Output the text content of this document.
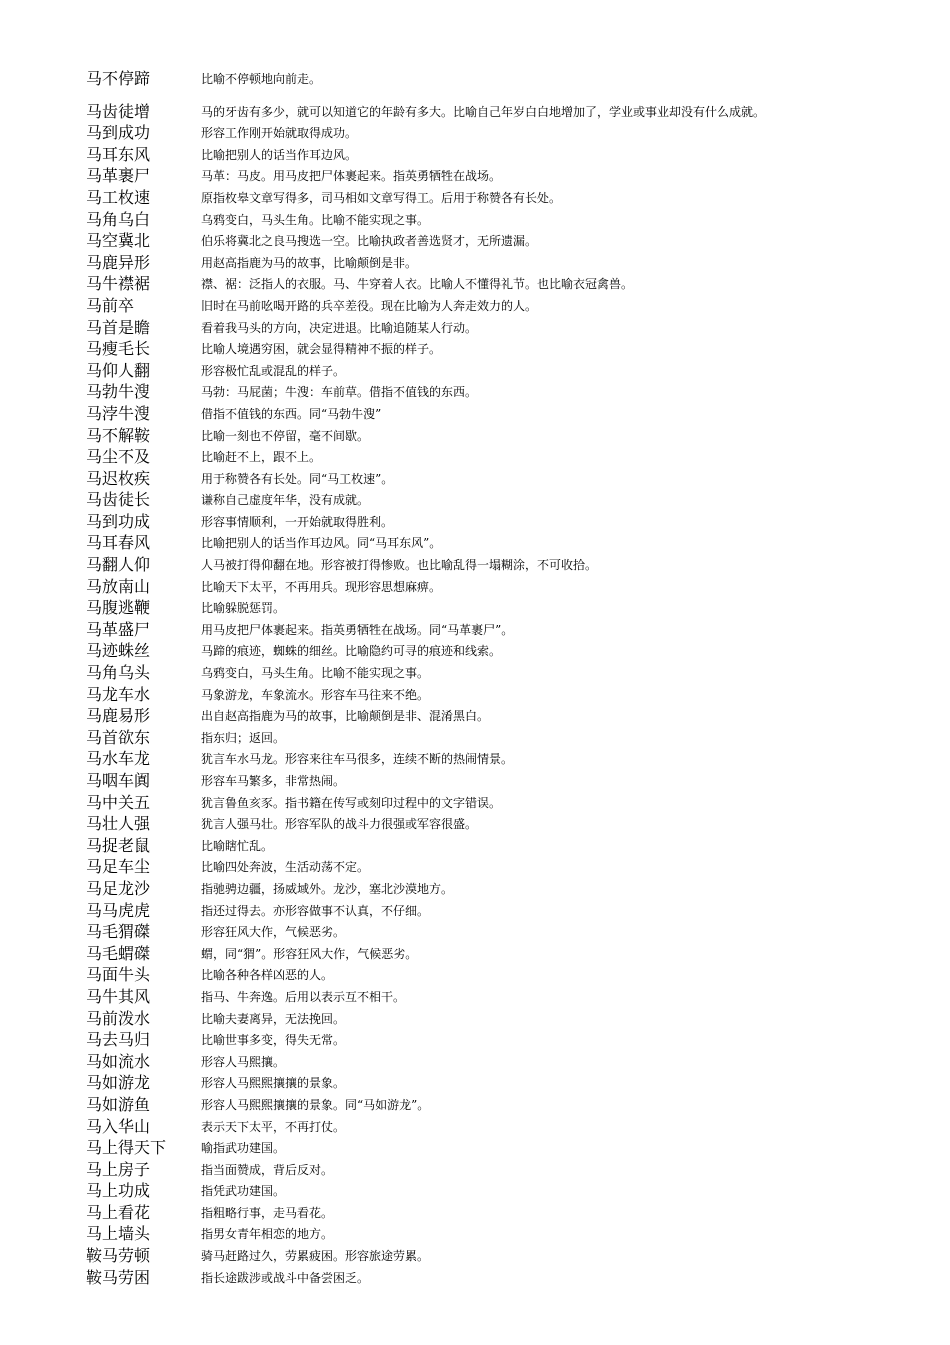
马不停蹄	比喻不停顿地向前走。
马齿徒增	马的牙齿有多少，就可以知道它的年龄有多大。比喻自己年岁白白地增加了，学业或事业却没有什么成就。
马到成功	形容工作刚开始就取得成功。
马耳东风	比喻把别人的话当作耳边风。
马革裹尸	马革：马皮。用马皮把尸体裹起来。指英勇牺牲在战场。
马工枚速	原指枚皋文章写得多，司马相如文章写得工。后用于称赞各有长处。
马角乌白	乌鸦变白，马头生角。比喻不能实现之事。
马空冀北	伯乐将冀北之良马搜选一空。比喻执政者善选贤才，无所遗漏。
马鹿异形	用赵高指鹿为马的故事，比喻颠倒是非。
马牛襟裾	襟、裾：泛指人的衣服。马、牛穿着人衣。比喻人不懂得礼节。也比喻衣冠禽兽。
马前卒	旧时在马前吆喝开路的兵卒差役。现在比喻为人奔走效力的人。
马首是瞻	看着我马头的方向，决定进退。比喻追随某人行动。
马瘦毛长	比喻人境遇穷困，就会显得精神不振的样子。
马仰人翻	形容极忙乱或混乱的样子。
马勃牛溲	马勃：马屁菌；牛溲：车前草。借指不值钱的东西。
马浡牛溲	借指不值钱的东西。同“马勃牛溲”
马不解鞍	比喻一刻也不停留，毫不间歇。
马尘不及	比喻赶不上，跟不上。
马迟枚疾	用于称赞各有长处。同“马工枚速”。
马齿徒长	谦称自己虚度年华，没有成就。
马到功成	形容事情顺利，一开始就取得胜利。
马耳春风	比喻把别人的话当作耳边风。同“马耳东风”。
马翻人仰	人马被打得仰翻在地。形容被打得惨败。也比喻乱得一塌糊涂，不可收拾。
马放南山	比喻天下太平，不再用兵。现形容思想麻痹。
马腹逃鞭	比喻躲脱惩罚。
马革盛尸	用马皮把尸体裹起来。指英勇牺牲在战场。同“马革裹尸”。
马迹蛛丝	马蹄的痕迹，蜘蛛的细丝。比喻隐约可寻的痕迹和线索。
马角乌头	乌鸦变白，马头生角。比喻不能实现之事。
马龙车水	马象游龙，车象流水。形容车马往来不绝。
马鹿易形	出自赵高指鹿为马的故事，比喻颠倒是非、混淆黑白。
马首欲东	指东归；返回。
马水车龙	犹言车水马龙。形容来往车马很多，连续不断的热闹情景。
马咽车阗	形容车马繁多，非常热闹。
马中关五	犹言鲁鱼亥豕。指书籍在传写或刻印过程中的文字错误。
马壮人强	犹言人强马壮。形容军队的战斗力很强或军容很盛。
马捉老鼠	比喻瞎忙乱。
马足车尘	比喻四处奔波，生活动荡不定。
马足龙沙	指驰骋边疆，扬威域外。龙沙，塞北沙漠地方。
马马虎虎	指还过得去。亦形容做事不认真，不仔细。
马毛猬磔	形容狂风大作，气候恶劣。
马毛蝟磔	蝟，同“猬”。形容狂风大作，气候恶劣。
马面牛头	比喻各种各样凶恶的人。
马牛其风	指马、牛奔逸。后用以表示互不相干。
马前泼水	比喻夫妻离异，无法挽回。
马去马归	比喻世事多变，得失无常。
马如流水	形容人马熙攘。
马如游龙	形容人马熙熙攘攘的景象。
马如游鱼	形容人马熙熙攘攘的景象。同“马如游龙”。
马入华山	表示天下太平，不再打仗。
马上得天下	喻指武功建国。
马上房子	指当面赞成，背后反对。
马上功成	指凭武功建国。
马上看花	指粗略行事，走马看花。
马上墙头	指男女青年相恋的地方。
鞍马劳顿	骑马赶路过久，劳累疲困。形容旅途劳累。
鞍马劳困	指长途跋涉或战斗中备尝困乏。
